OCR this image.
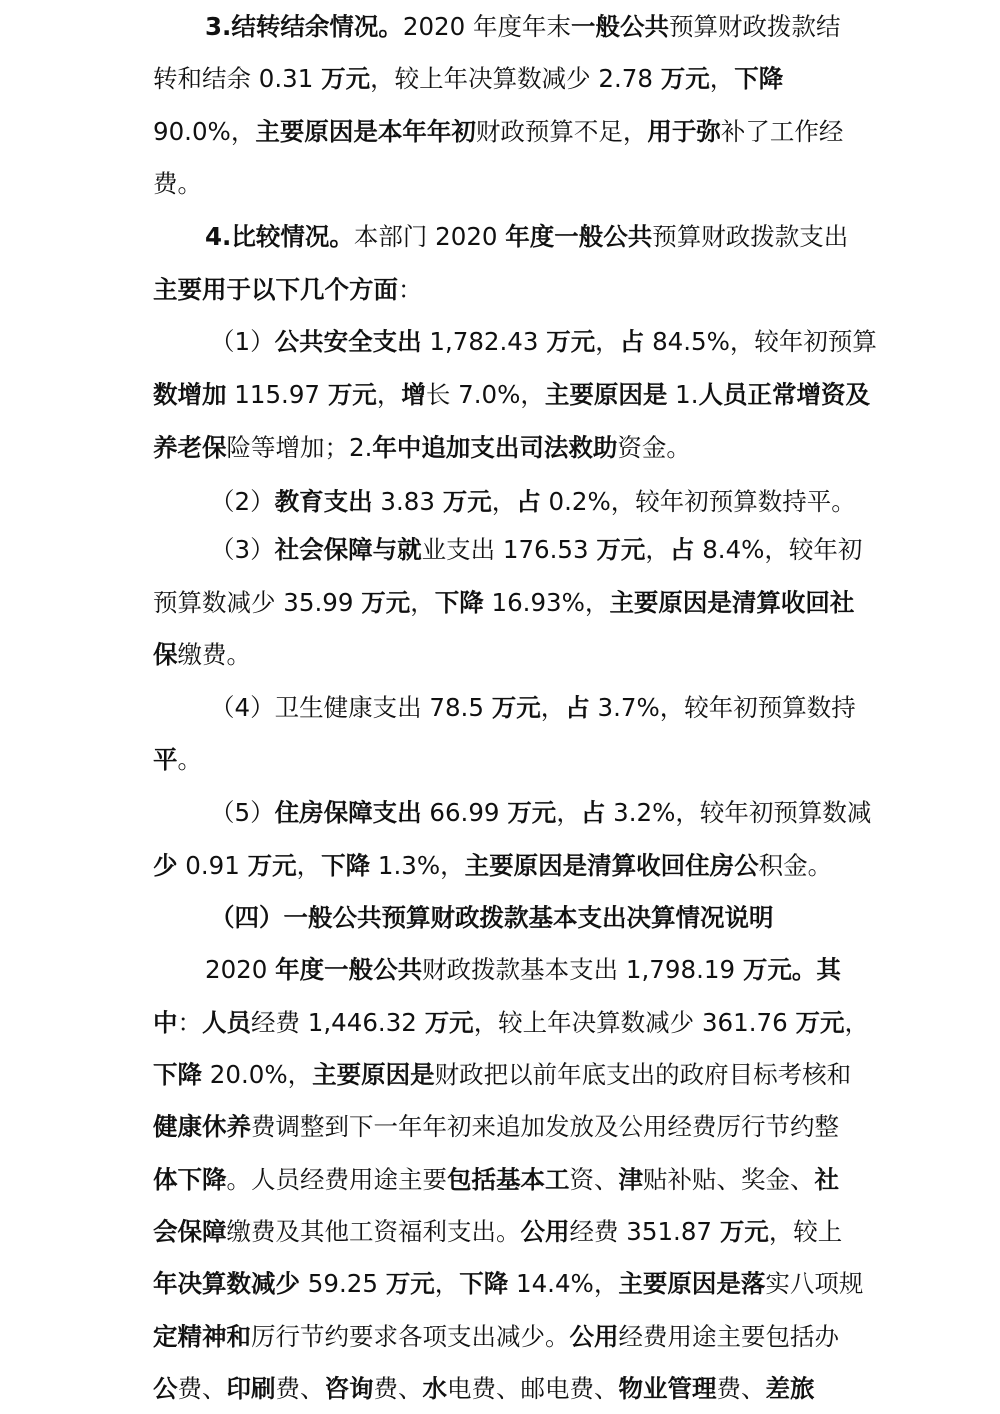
3.结转结余情况。2020 年度年末一般公共预算财政拨款结
转和结余 0.31 万元，较上年决算数减少 2.78 万元，下降
90.0%，主要原因是本年年初财政预算不足，用于弥补了工作经
费。
4.比较情况。本部门 2020 年度一般公共预算财政拨款支出
主要用于以下几个方面：
（1）公共安全支出 1,782.43 万元，占 84.5%，较年初预算
数增加 115.97 万元，增长 7.0%，主要原因是 1.人员正常增资及
养老保险等增加；2.年中追加支出司法救助资金。
（2）教育支出 3.83 万元，占 0.2%，较年初预算数持平。
（3）社会保障与就业支出 176.53 万元，占 8.4%，较年初
预算数减少 35.99 万元，下降 16.93%，主要原因是清算收回社
保缴费。
（4）卫生健康支出 78.5 万元，占 3.7%，较年初预算数持
平。
（5）住房保障支出 66.99 万元，占 3.2%，较年初预算数减
少 0.91 万元，下降 1.3%，主要原因是清算收回住房公积金。
（四）一般公共预算财政拨款基本支出决算情况说明
2020 年度一般公共财政拨款基本支出 1,798.19 万元。其
中：人员经费 1,446.32 万元，较上年决算数减少 361.76 万元，
下降 20.0%，主要原因是财政把以前年底支出的政府目标考核和
健康休养费调整到下一年年初来追加发放及公用经费厉行节约整
体下降。人员经费用途主要包括基本工资、津贴补贴、奖金、社
会保障缴费及其他工资福利支出。公用经费 351.87 万元，较上
年决算数减少 59.25 万元，下降 14.4%，主要原因是落实八项规
定精神和厉行节约要求各项支出减少。公用经费用途主要包括办
公费、印刷费、咨询费、水电费、邮电费、物业管理费、差旅
